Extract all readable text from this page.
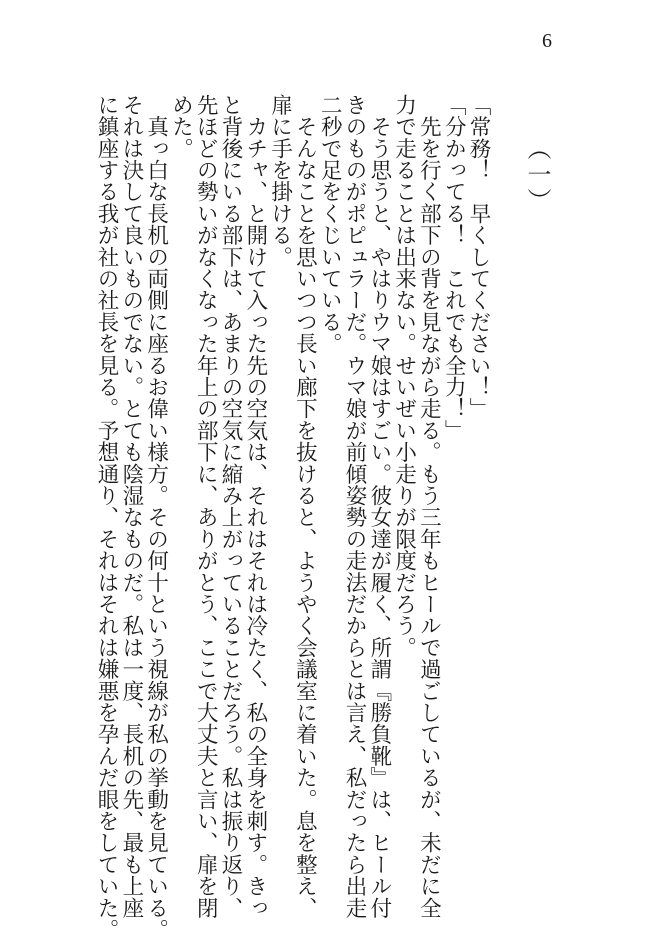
6
（一）
「常務！　早くしてください！」
「分かってる！　これでも全力！」
　先を行く部下の背を見ながら走る。もう三年もヒールで過ごしているが、未だに全
力で走ることは出来ない。せいぜい小走りが限度だろう。
　そう思うと、やはりウマ娘はすごい。彼女達が履く、所謂『勝負靴』は、ヒール付
きのものがポピュラーだ。ウマ娘が前傾姿勢の走法だからとは言え、私だったら出走
二秒で足をくじいている。
　そんなことを思いつつ長い廊下を抜けると、ようやく会議室に着いた。息を整え、
扉に手を掛ける。
　カチャ、と開けて入った先の空気は、それはそれは冷たく、私の全身を刺す。きっ
と背後にいる部下は、あまりの空気に縮み上がっていることだろう。私は振り返り、
先ほどの勢いがなくなった年上の部下に、ありがとう、ここで大丈夫と言い、扉を閉
めた。
　真っ白な長机の両側に座るお偉い様方。その何十という視線が私の挙動を見ている。
それは決して良いものでない。とても陰湿なものだ。私は一度、長机の先、最も上座
に鎮座する我が社の社長を見る。予想通り、それはそれは嫌悪を孕んだ眼をしていた。
